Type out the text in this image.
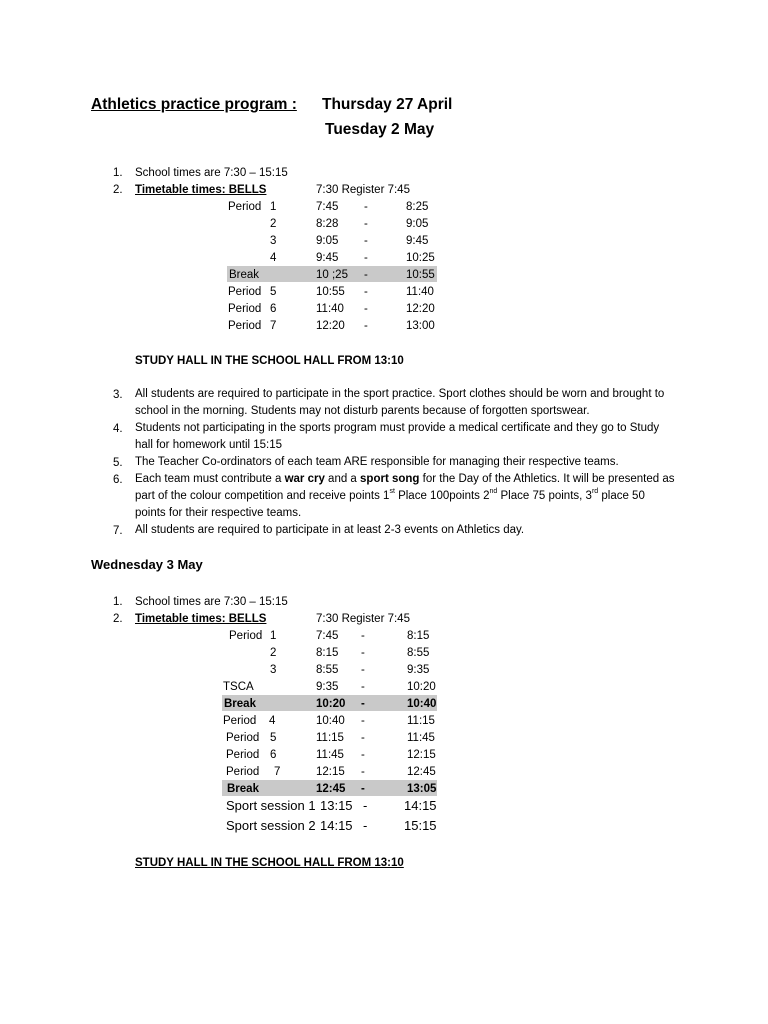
Athletics practice program : Thursday 27 April
Tuesday 2 May
1. School times are 7:30 – 15:15
2. Timetable times: BELLS	7:30 Register 7:45
Period 1	7:45 -	8:25
2	8:28 -	9:05
3	9:05 -	9:45
4	9:45 -	10:25
Break	10 ;25 -	10:55
Period 5	10:55 -	11:40
Period 6	11:40 -	12:20
Period 7	12:20 -	13:00
STUDY HALL IN THE SCHOOL HALL FROM 13:10
3. All students are required to participate in the sport practice. Sport clothes should be worn and brought to
school in the morning. Students may not disturb parents because of forgotten sportswear.
4. Students not participating in the sports program must provide a medical certificate and they go to Study
hall for homework until 15:15
5. The Teacher Co-ordinators of each team ARE responsible for managing their respective teams.
6. Each team must contribute a war cry and a sport song for the Day of the Athletics. It will be presented as
part of the colour competition and receive points 1st Place 100points 2nd Place 75 points, 3rd place 50
points for their respective teams.
7. All students are required to participate in at least 2-3 events on Athletics day.
Wednesday 3 May
1. School times are 7:30 – 15:15
2. Timetable times: BELLS	7:30 Register 7:45
Period 1	7:45 -	8:15
2	8:15 -	8:55
3	8:55 -	9:35
TSCA	9:35 -	10:20
Break	10:20 -	10:40
Period 4	10:40 -	11:15
Period 5	11:15 -	11:45
Period 6	11:45 -	12:15
Period 7	12:15 -	12:45
Break	12:45 -	13:05
Sport session 1 13:15 -	14:15
Sport session 2 14:15 -	15:15
STUDY HALL IN THE SCHOOL HALL FROM 13:10
